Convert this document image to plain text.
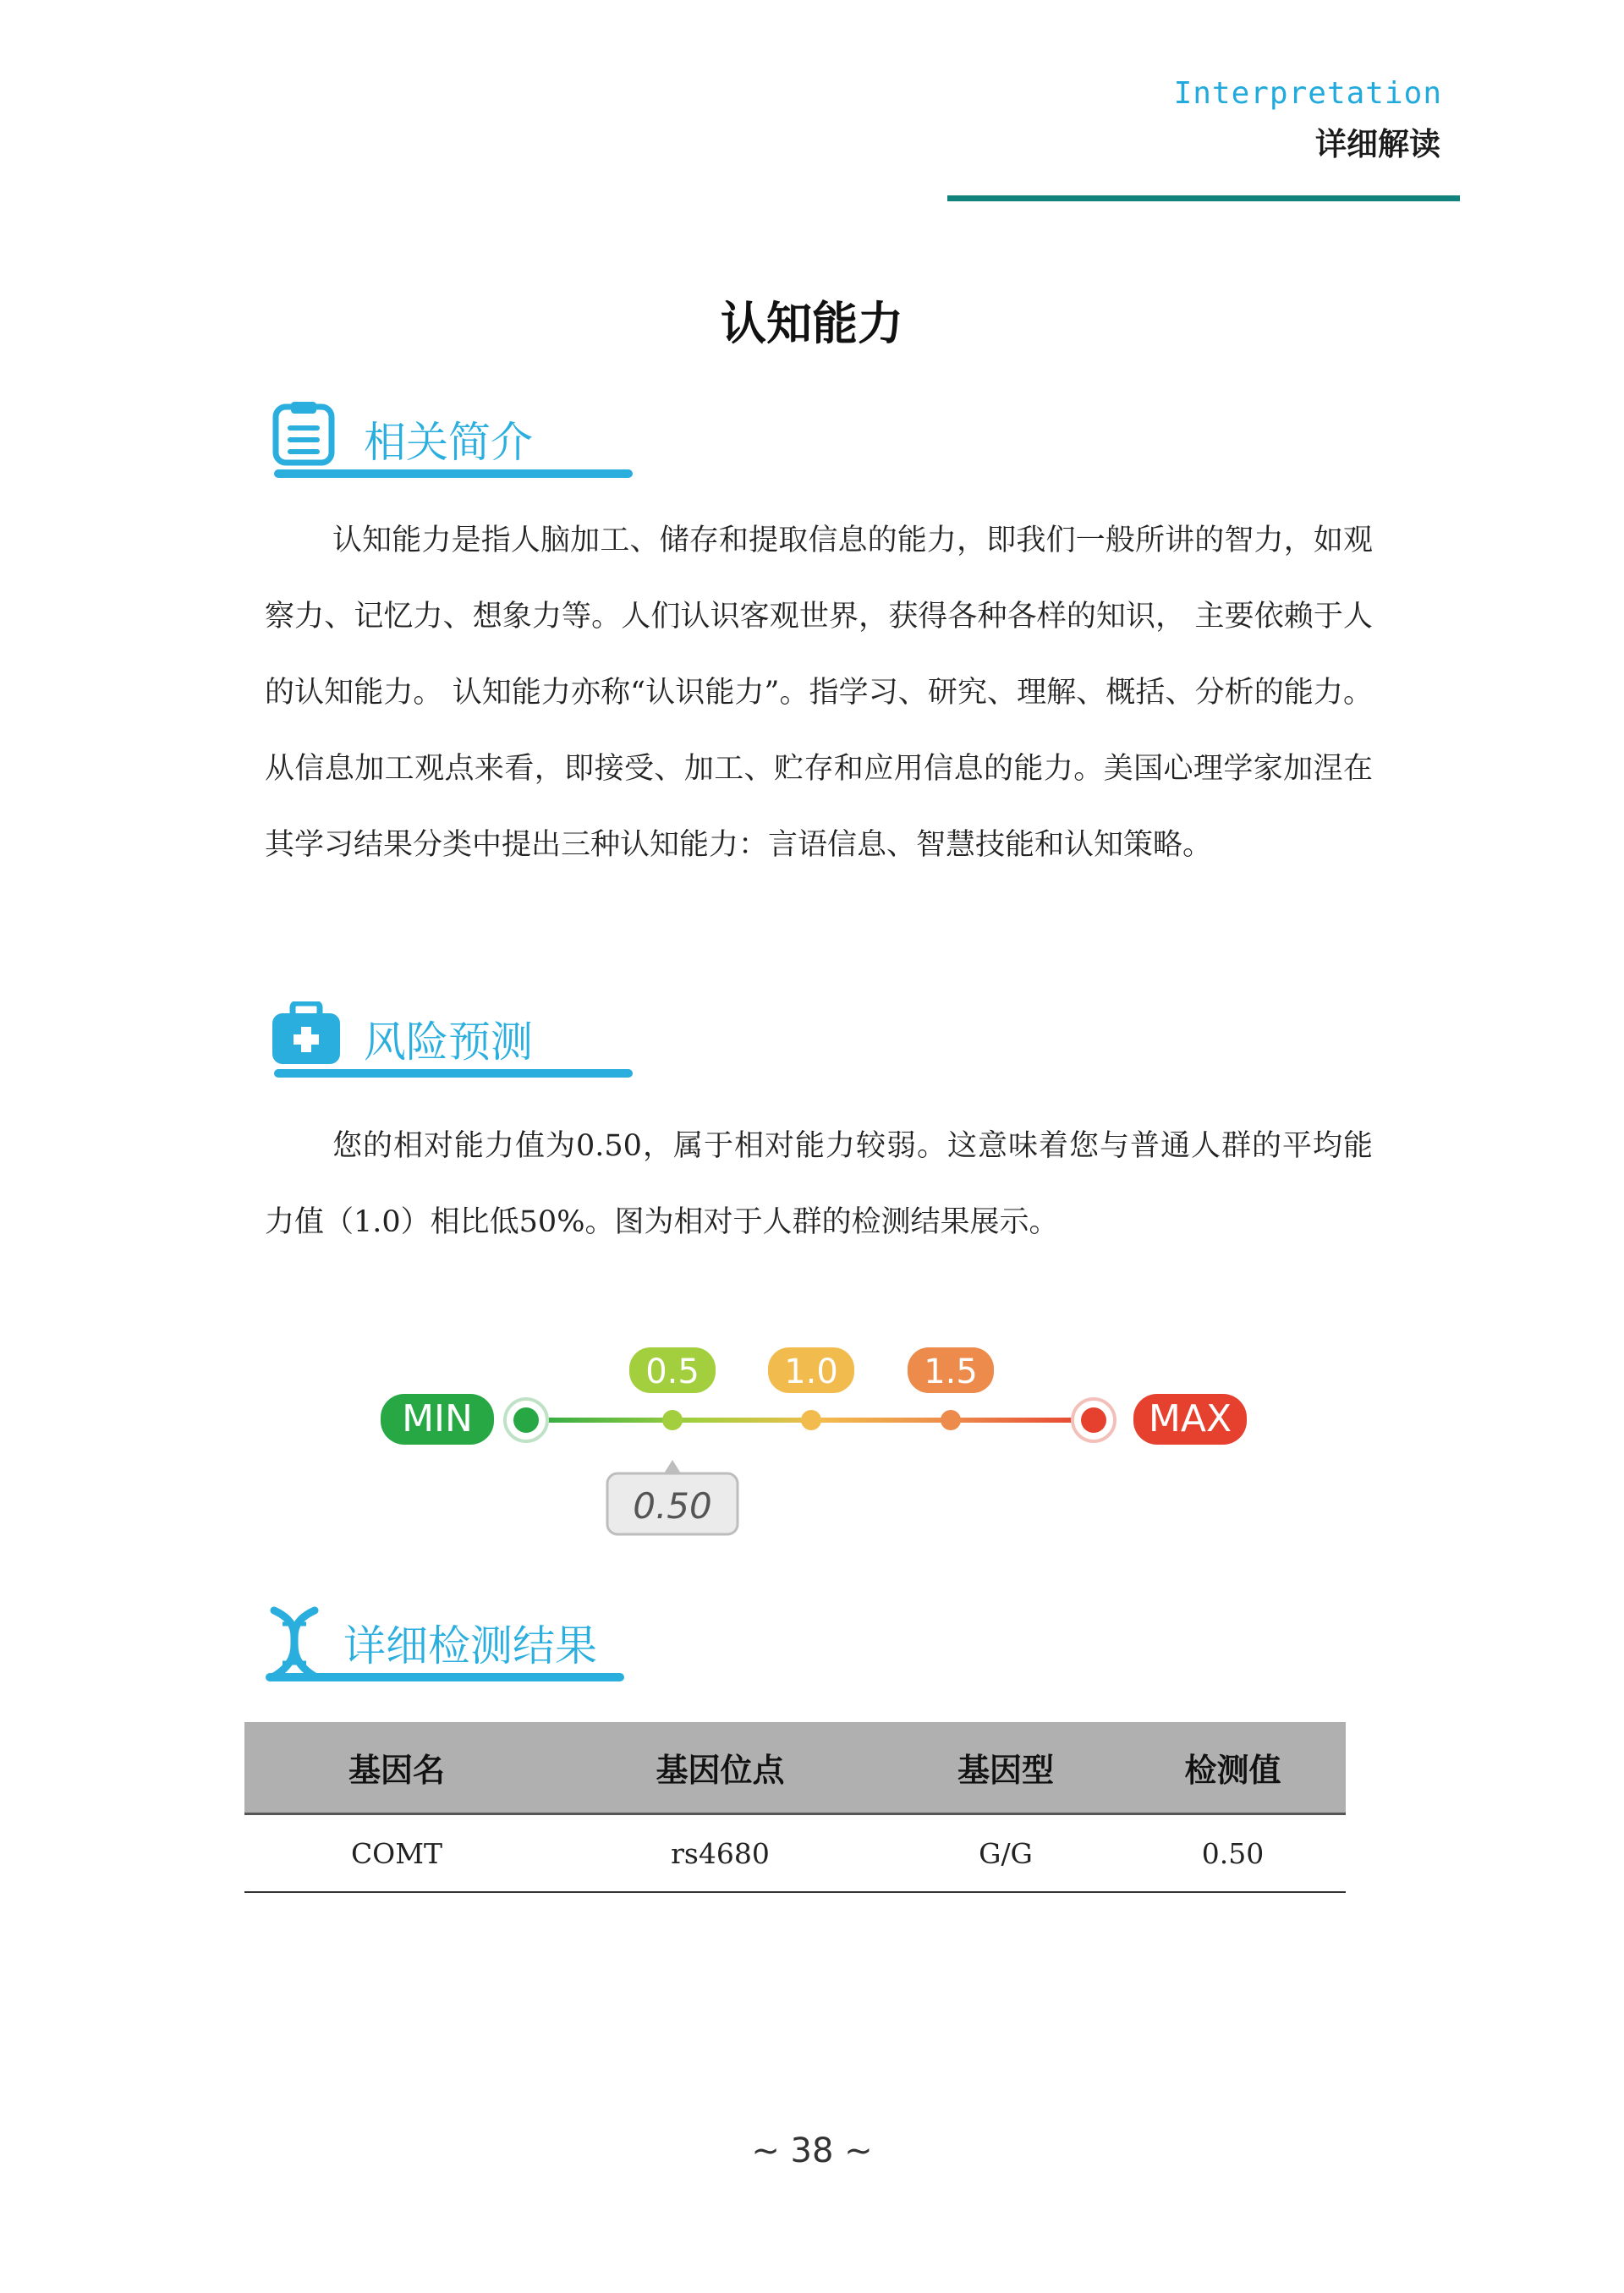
Interpretation
详细解读
认知能力
相关简介

认知能力是指人脑加工、储存和提取信息的能力，即我们一般所讲的智力，如观察力、记忆力、想象力等。人们认识客观世界，获得各种各样的知识， 主要依赖于人的认知能力。 认知能力亦称“认识能力”。指学习、研究、理解、概括、分析的能力。从信息加工观点来看，即接受、加工、贮存和应用信息的能力。美国心理学家加涅在其学习结果分类中提出三种认知能力：言语信息、智慧技能和认知策略。

风险预测

您的相对能力值为0.50，属于相对能力较弱。这意味着您与普通人群的平均能力值（1.0）相比低50%。图为相对于人群的检测结果展示。

MIN	MAX
0.5	1.0	1.5
0.50
详细检测结果
基因名	基因位点	基因型	检测值
COMT	rs4680	G/G	0.50
~ 38 ~
